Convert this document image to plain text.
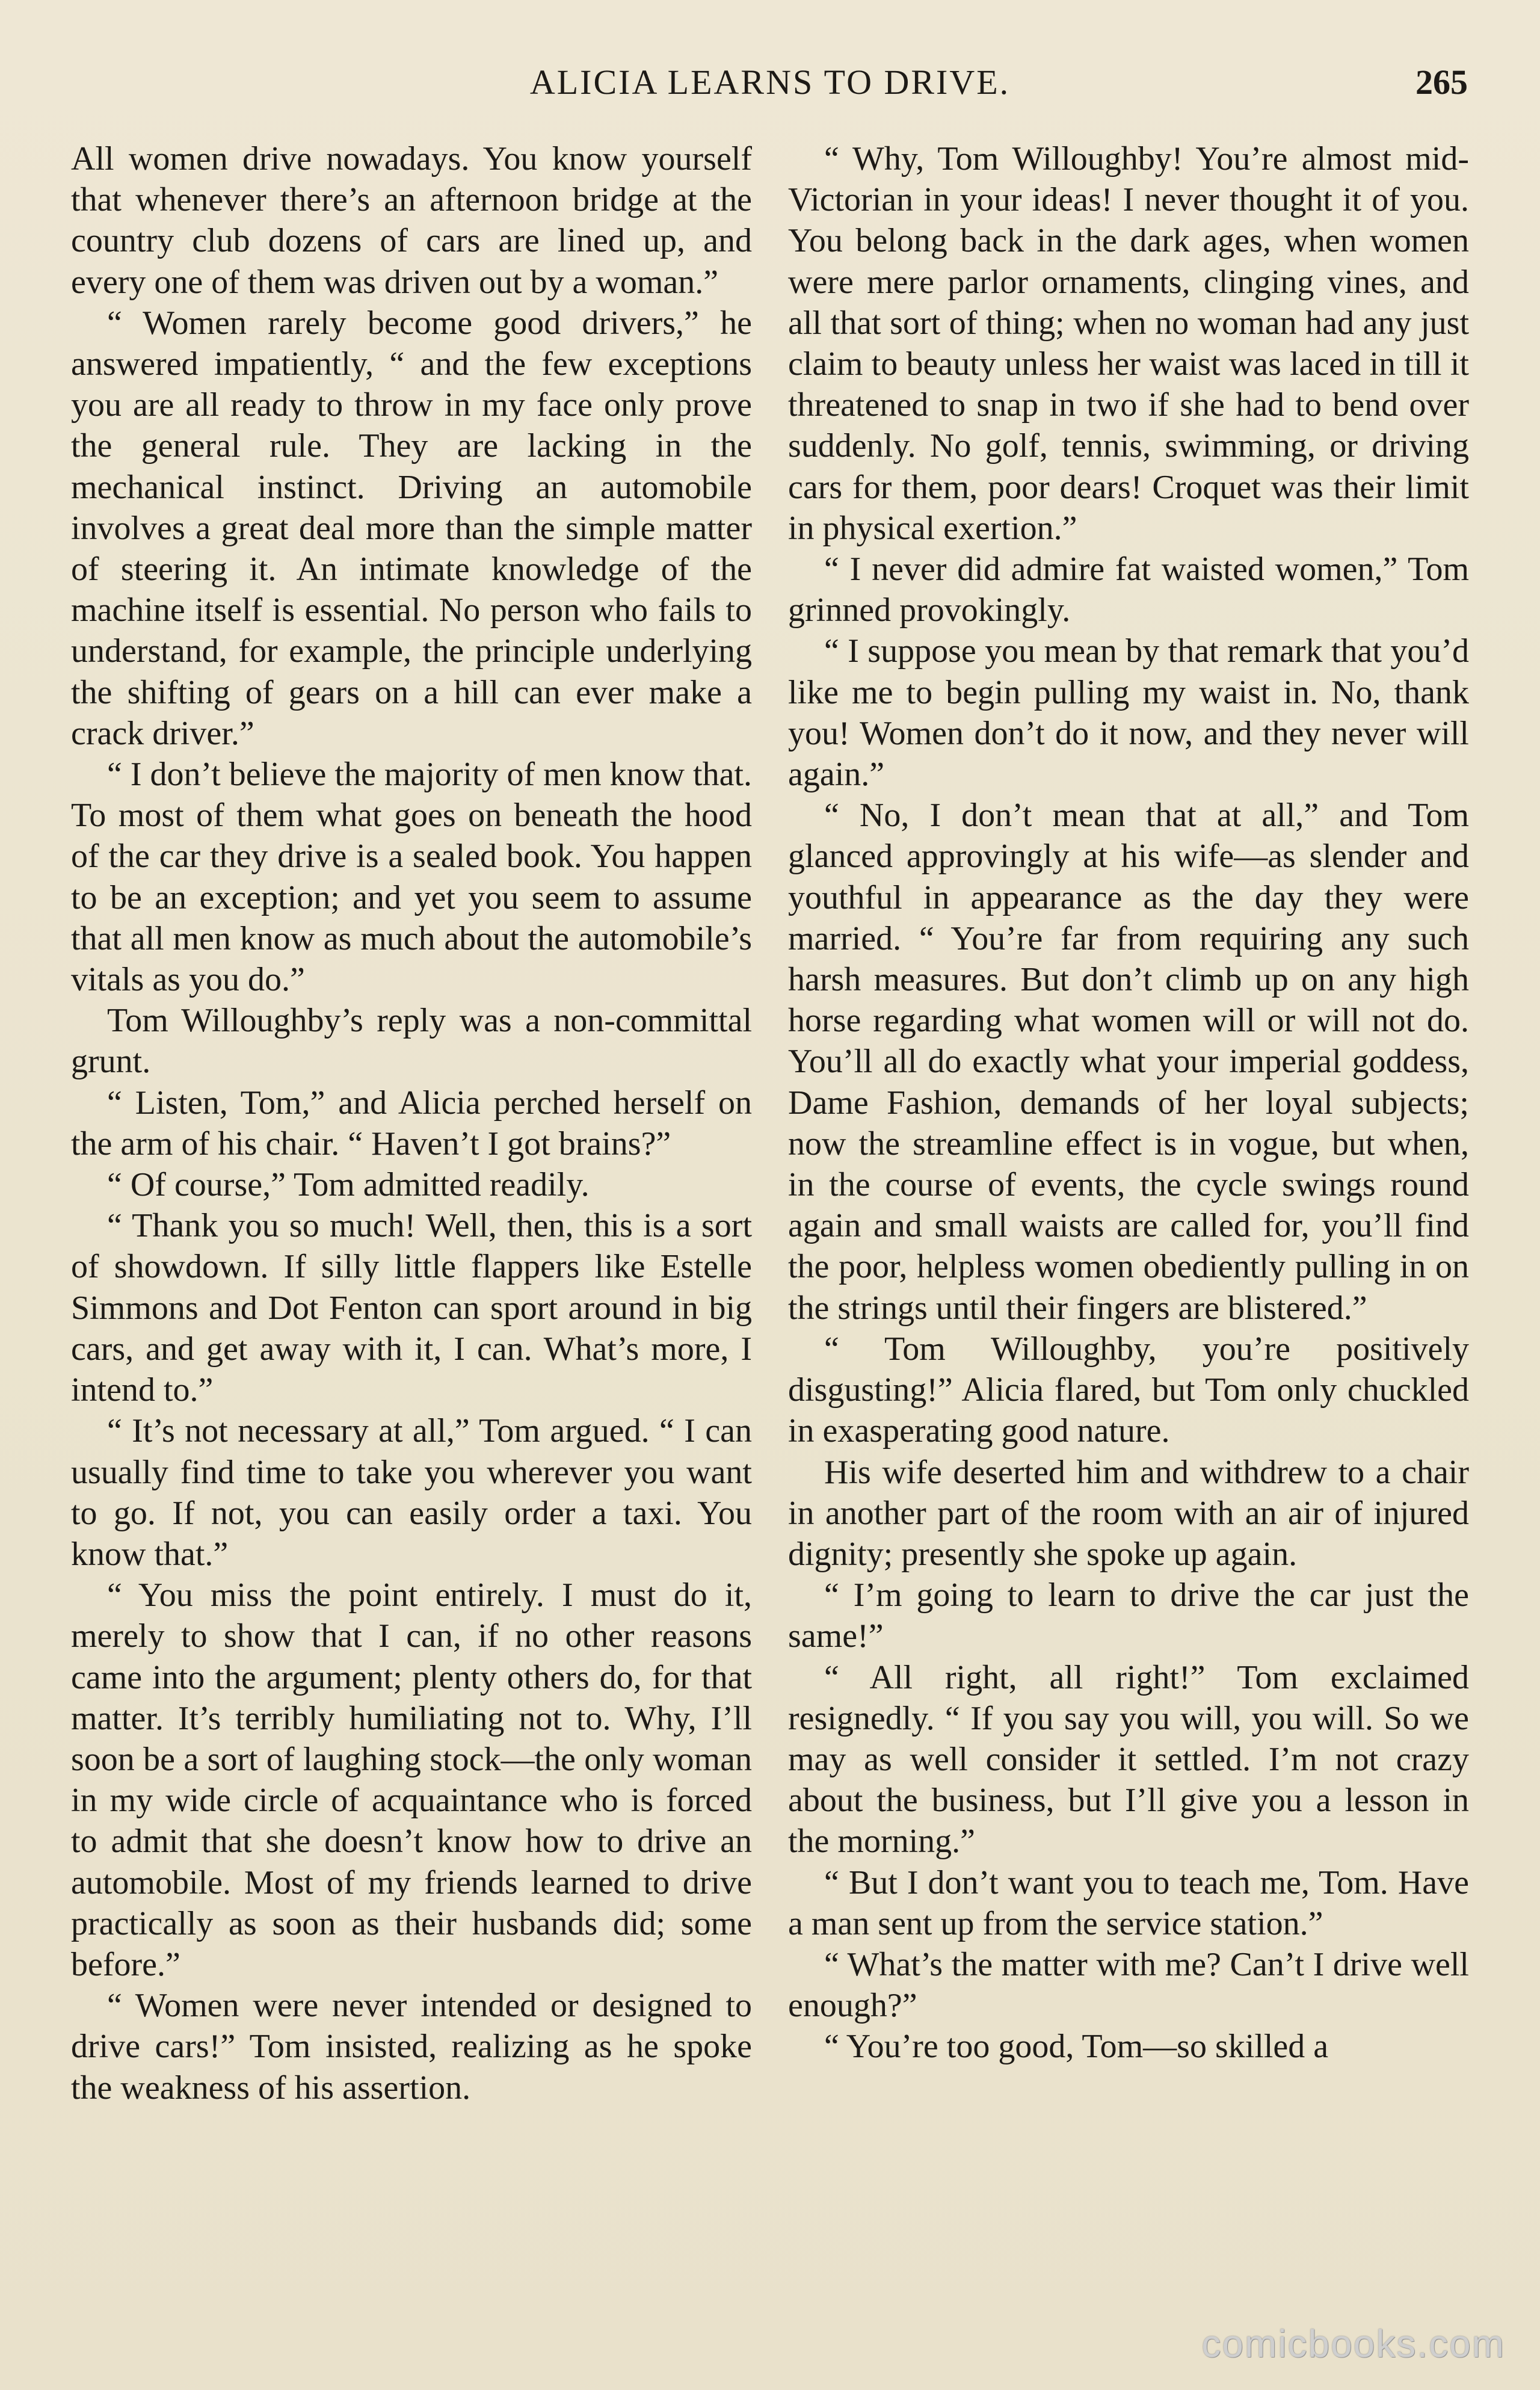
ALICIA LEARNS TO DRIVE.	265

All women drive nowadays. You know yourself that whenever there’s an afternoon bridge at the country club dozens of cars are lined up, and every one of them was driven out by a woman.”

“ Women rarely become good drivers,” he answered impatiently, “ and the few exceptions you are all ready to throw in my face only prove the general rule. They are lacking in the mechanical instinct. Driving an automobile involves a great deal more than the simple matter of steering it. An intimate knowledge of the machine itself is essential. No person who fails to understand, for example, the principle underlying the shifting of gears on a hill can ever make a crack driver.”

“ I don’t believe the majority of men know that. To most of them what goes on beneath the hood of the car they drive is a sealed book. You happen to be an exception; and yet you seem to assume that all men know as much about the automobile’s vitals as you do.”

Tom Willoughby’s reply was a non-committal grunt.

“ Listen, Tom,” and Alicia perched herself on the arm of his chair. “ Haven’t I got brains?”

“ Of course,” Tom admitted readily.

“ Thank you so much! Well, then, this is a sort of showdown. If silly little flappers like Estelle Simmons and Dot Fenton can sport around in big cars, and get away with it, I can. What’s more, I intend to.”

“ It’s not necessary at all,” Tom argued. “ I can usually find time to take you wherever you want to go. If not, you can easily order a taxi. You know that.”

“ You miss the point entirely. I must do it, merely to show that I can, if no other reasons came into the argument; plenty others do, for that matter. It’s terribly humiliating not to. Why, I’ll soon be a sort of laughing stock—the only woman in my wide circle of acquaintance who is forced to admit that she doesn’t know how to drive an automobile. Most of my friends learned to drive practically as soon as their husbands did; some before.”

“ Women were never intended or designed to drive cars!” Tom insisted, realizing as he spoke the weakness of his assertion.

“ Why, Tom Willoughby! You’re almost mid-Victorian in your ideas! I never thought it of you. You belong back in the dark ages, when women were mere parlor ornaments, clinging vines, and all that sort of thing; when no woman had any just claim to beauty unless her waist was laced in till it threatened to snap in two if she had to bend over suddenly. No golf, tennis, swimming, or driving cars for them, poor dears! Croquet was their limit in physical exertion.”

“ I never did admire fat waisted women,” Tom grinned provokingly.

“ I suppose you mean by that remark that you’d like me to begin pulling my waist in. No, thank you! Women don’t do it now, and they never will again.”

“ No, I don’t mean that at all,” and Tom glanced approvingly at his wife—as slender and youthful in appearance as the day they were married. “ You’re far from requiring any such harsh measures. But don’t climb up on any high horse regarding what women will or will not do. You’ll all do exactly what your imperial goddess, Dame Fashion, demands of her loyal subjects; now the streamline effect is in vogue, but when, in the course of events, the cycle swings round again and small waists are called for, you’ll find the poor, helpless women obediently pulling in on the strings until their fingers are blistered.”

“ Tom Willoughby, you’re positively disgusting!” Alicia flared, but Tom only chuckled in exasperating good nature.

His wife deserted him and withdrew to a chair in another part of the room with an air of injured dignity; presently she spoke up again.

“ I’m going to learn to drive the car just the same!”

“ All right, all right!” Tom exclaimed resignedly. “ If you say you will, you will. So we may as well consider it settled. I’m not crazy about the business, but I’ll give you a lesson in the morning.”

“ But I don’t want you to teach me, Tom. Have a man sent up from the service station.”

“ What’s the matter with me? Can’t I drive well enough?”

“ You’re too good, Tom—so skilled a

comicbooks.com
